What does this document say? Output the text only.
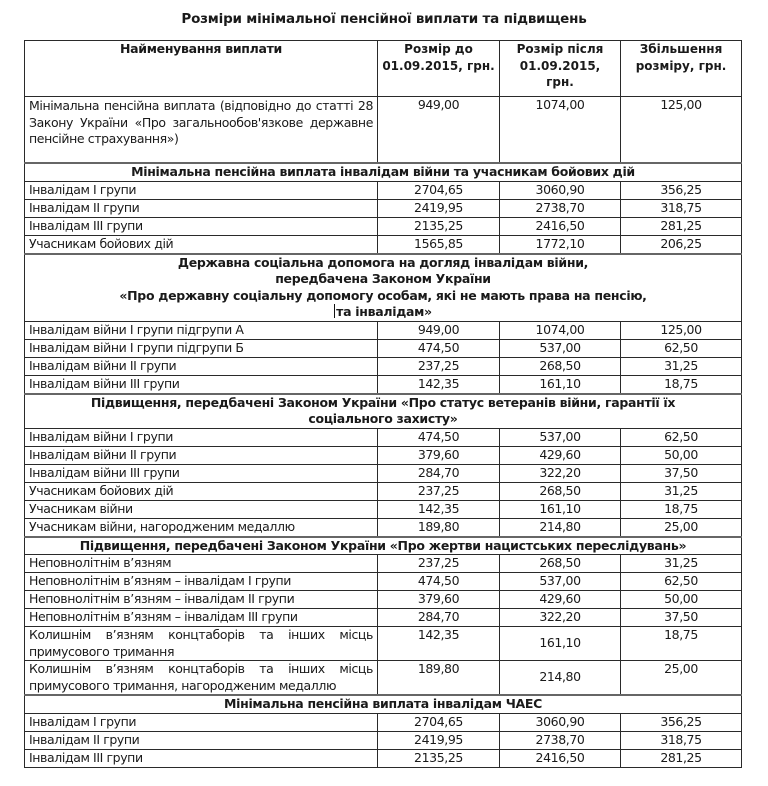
Розміри мінімальної пенсійної виплати та підвищень
Найменування виплати	Розмір до 01.09.2015, грн.	Розмір після 01.09.2015, грн.	Збільшення розміру, грн.
Мінімальна пенсійна виплата (відповідно до статті 28 Закону України «Про загальнообов'язкове державне пенсійне страхування»)	949,00	1074,00	125,00
Мінімальна пенсійна виплата інвалідам війни та учасникам бойових дій			
Інвалідам І групи	2704,65	3060,90	356,25
Інвалідам ІІ групи	2419,95	2738,70	318,75
Інвалідам ІІІ групи	2135,25	2416,50	281,25
Учасникам бойових дій	1565,85	1772,10	206,25

Державна соціальна допомога на догляд інвалідам війни,
передбачена Законом України
«Про державну соціальну допомогу особам, які не мають права на пенсію,
та інвалідам»			

Інвалідам війни І групи підгрупи А	949,00	1074,00	125,00
Інвалідам війни І групи підгрупи Б	474,50	537,00	62,50
Інвалідам війни ІІ групи	237,25	268,50	31,25
Інвалідам війни ІІІ групи	142,35	161,10	18,75
Підвищення, передбачені Законом України «Про статус ветеранів війни, гарантії їх соціального захисту»			
Інвалідам війни І групи	474,50	537,00	62,50
Інвалідам війни ІІ групи	379,60	429,60	50,00
Інвалідам війни ІІІ групи	284,70	322,20	37,50
Учасникам бойових дій	237,25	268,50	31,25
Учасникам війни	142,35	161,10	18,75
Учасникам війни, нагородженим медаллю	189,80	214,80	25,00
Підвищення, передбачені Законом України «Про жертви нацистських переслідувань»			
Неповнолітнім в’язням	237,25	268,50	31,25
Неповнолітнім в’язням – інвалідам І групи	474,50	537,00	62,50
Неповнолітнім в’язням – інвалідам ІІ групи	379,60	429,60	50,00
Неповнолітнім в’язням – інвалідам ІІІ групи	284,70	322,20	37,50
Колишнім в’язням концтаборів та інших місць примусового тримання	142,35	161,10	18,75
Колишнім в’язням концтаборів та інших місць примусового тримання, нагородженим медаллю	189,80	214,80	25,00
Мінімальна пенсійна виплата інвалідам ЧАЕС			
Інвалідам І групи	2704,65	3060,90	356,25
Інвалідам ІІ групи	2419,95	2738,70	318,75
Інвалідам ІІІ групи	2135,25	2416,50	281,25
